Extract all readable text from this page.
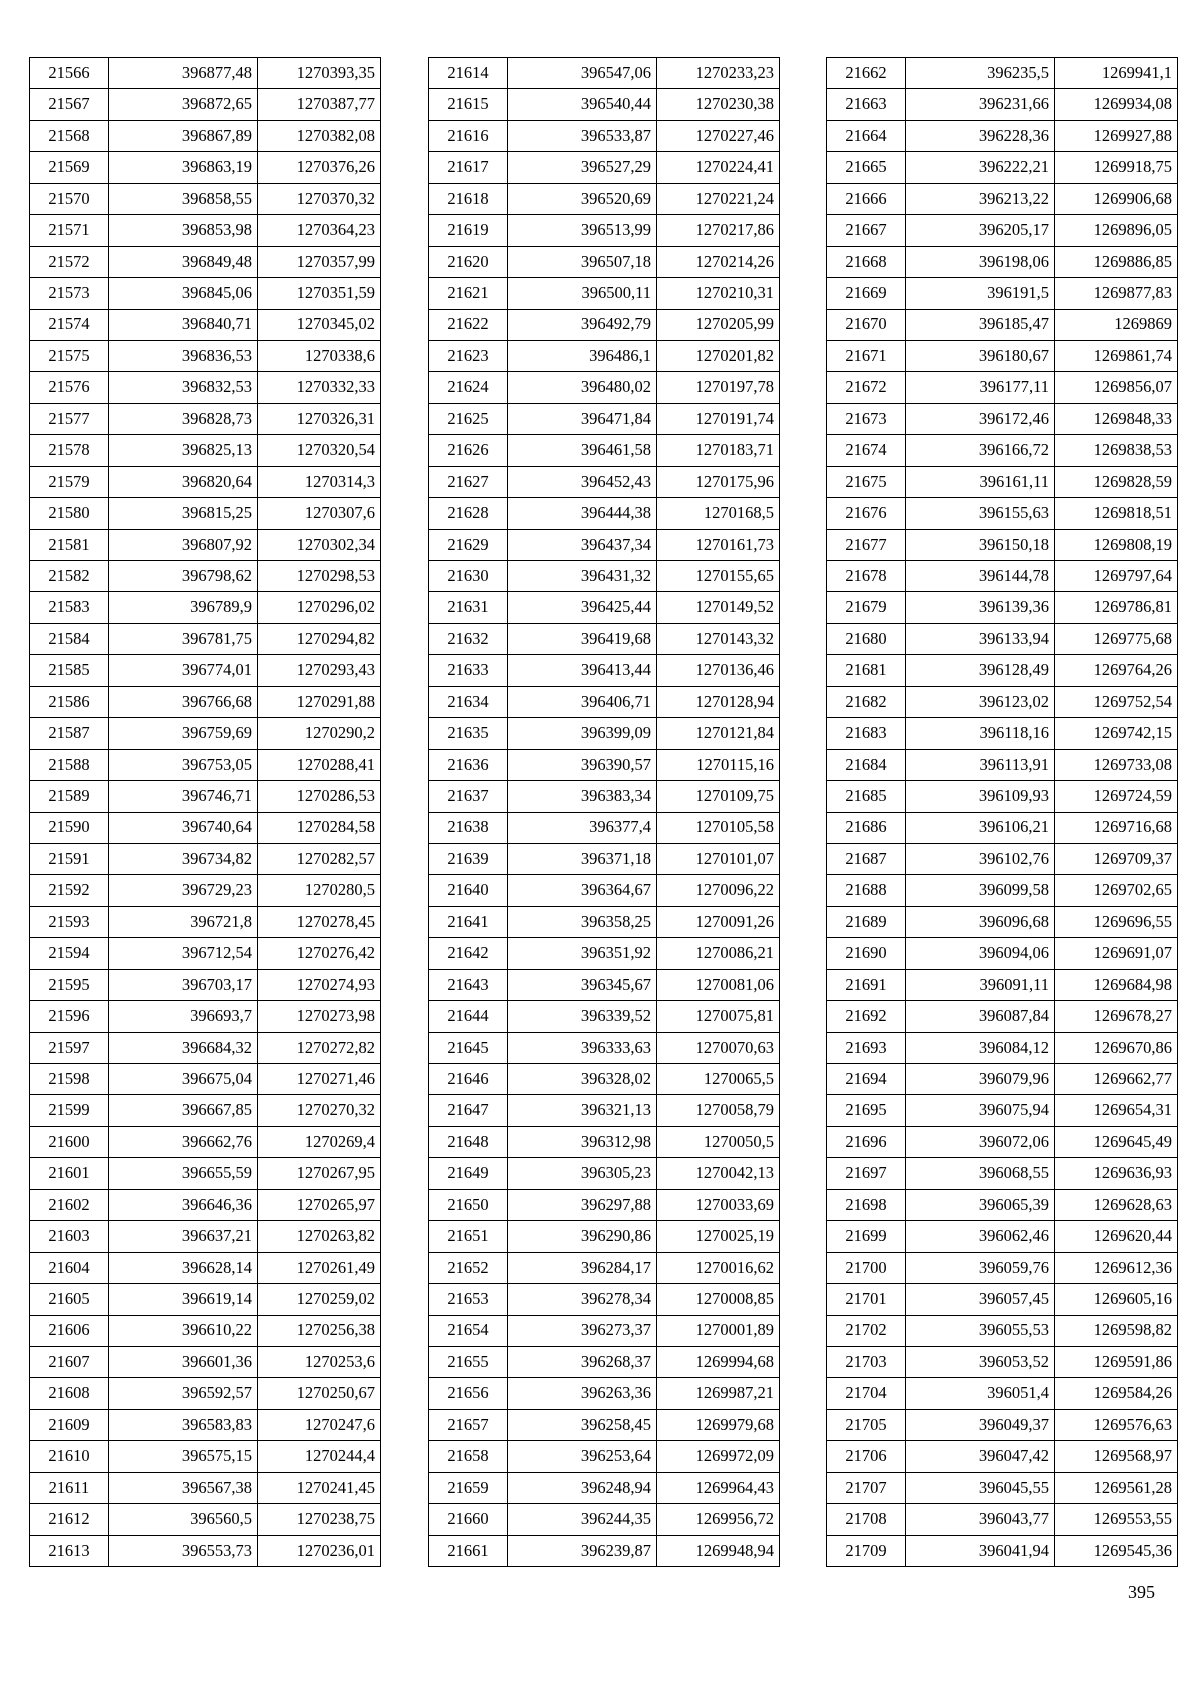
21566	396877,48	1270393,35
21567	396872,65	1270387,77
21568	396867,89	1270382,08
21569	396863,19	1270376,26
21570	396858,55	1270370,32
21571	396853,98	1270364,23
21572	396849,48	1270357,99
21573	396845,06	1270351,59
21574	396840,71	1270345,02
21575	396836,53	1270338,6
21576	396832,53	1270332,33
21577	396828,73	1270326,31
21578	396825,13	1270320,54
21579	396820,64	1270314,3
21580	396815,25	1270307,6
21581	396807,92	1270302,34
21582	396798,62	1270298,53
21583	396789,9	1270296,02
21584	396781,75	1270294,82
21585	396774,01	1270293,43
21586	396766,68	1270291,88
21587	396759,69	1270290,2
21588	396753,05	1270288,41
21589	396746,71	1270286,53
21590	396740,64	1270284,58
21591	396734,82	1270282,57
21592	396729,23	1270280,5
21593	396721,8	1270278,45
21594	396712,54	1270276,42
21595	396703,17	1270274,93
21596	396693,7	1270273,98
21597	396684,32	1270272,82
21598	396675,04	1270271,46
21599	396667,85	1270270,32
21600	396662,76	1270269,4
21601	396655,59	1270267,95
21602	396646,36	1270265,97
21603	396637,21	1270263,82
21604	396628,14	1270261,49
21605	396619,14	1270259,02
21606	396610,22	1270256,38
21607	396601,36	1270253,6
21608	396592,57	1270250,67
21609	396583,83	1270247,6
21610	396575,15	1270244,4
21611	396567,38	1270241,45
21612	396560,5	1270238,75
21613	396553,73	1270236,01
21614	396547,06	1270233,23
21615	396540,44	1270230,38
21616	396533,87	1270227,46
21617	396527,29	1270224,41
21618	396520,69	1270221,24
21619	396513,99	1270217,86
21620	396507,18	1270214,26
21621	396500,11	1270210,31
21622	396492,79	1270205,99
21623	396486,1	1270201,82
21624	396480,02	1270197,78
21625	396471,84	1270191,74
21626	396461,58	1270183,71
21627	396452,43	1270175,96
21628	396444,38	1270168,5
21629	396437,34	1270161,73
21630	396431,32	1270155,65
21631	396425,44	1270149,52
21632	396419,68	1270143,32
21633	396413,44	1270136,46
21634	396406,71	1270128,94
21635	396399,09	1270121,84
21636	396390,57	1270115,16
21637	396383,34	1270109,75
21638	396377,4	1270105,58
21639	396371,18	1270101,07
21640	396364,67	1270096,22
21641	396358,25	1270091,26
21642	396351,92	1270086,21
21643	396345,67	1270081,06
21644	396339,52	1270075,81
21645	396333,63	1270070,63
21646	396328,02	1270065,5
21647	396321,13	1270058,79
21648	396312,98	1270050,5
21649	396305,23	1270042,13
21650	396297,88	1270033,69
21651	396290,86	1270025,19
21652	396284,17	1270016,62
21653	396278,34	1270008,85
21654	396273,37	1270001,89
21655	396268,37	1269994,68
21656	396263,36	1269987,21
21657	396258,45	1269979,68
21658	396253,64	1269972,09
21659	396248,94	1269964,43
21660	396244,35	1269956,72
21661	396239,87	1269948,94
21662	396235,5	1269941,1
21663	396231,66	1269934,08
21664	396228,36	1269927,88
21665	396222,21	1269918,75
21666	396213,22	1269906,68
21667	396205,17	1269896,05
21668	396198,06	1269886,85
21669	396191,5	1269877,83
21670	396185,47	1269869
21671	396180,67	1269861,74
21672	396177,11	1269856,07
21673	396172,46	1269848,33
21674	396166,72	1269838,53
21675	396161,11	1269828,59
21676	396155,63	1269818,51
21677	396150,18	1269808,19
21678	396144,78	1269797,64
21679	396139,36	1269786,81
21680	396133,94	1269775,68
21681	396128,49	1269764,26
21682	396123,02	1269752,54
21683	396118,16	1269742,15
21684	396113,91	1269733,08
21685	396109,93	1269724,59
21686	396106,21	1269716,68
21687	396102,76	1269709,37
21688	396099,58	1269702,65
21689	396096,68	1269696,55
21690	396094,06	1269691,07
21691	396091,11	1269684,98
21692	396087,84	1269678,27
21693	396084,12	1269670,86
21694	396079,96	1269662,77
21695	396075,94	1269654,31
21696	396072,06	1269645,49
21697	396068,55	1269636,93
21698	396065,39	1269628,63
21699	396062,46	1269620,44
21700	396059,76	1269612,36
21701	396057,45	1269605,16
21702	396055,53	1269598,82
21703	396053,52	1269591,86
21704	396051,4	1269584,26
21705	396049,37	1269576,63
21706	396047,42	1269568,97
21707	396045,55	1269561,28
21708	396043,77	1269553,55
21709	396041,94	1269545,36
395
